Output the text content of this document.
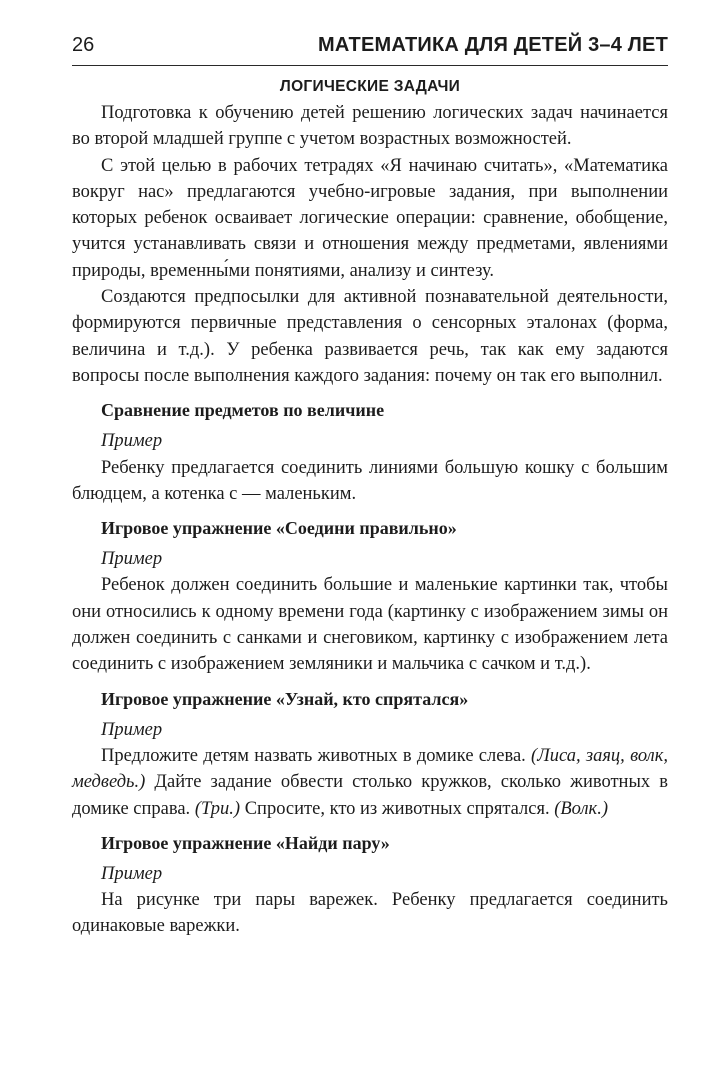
26	МАТЕМАТИКА ДЛЯ ДЕТЕЙ 3–4 ЛЕТ
ЛОГИЧЕСКИЕ ЗАДАЧИ

Подготовка к обучению детей решению логических задач начинается во второй младшей группе с учетом возрастных возможностей.

С этой целью в рабочих тетрадях «Я начинаю считать», «Математика вокруг нас» предлагаются учебно-игровые задания, при выполнении которых ребенок осваивает логические операции: сравнение, обобщение, учится устанавливать связи и отношения между предметами, явлениями природы, временны́ми понятиями, анализу и синтезу.

Создаются предпосылки для активной познавательной деятельности, формируются первичные представления о сенсорных эталонах (форма, величина и т.д.). У ребенка развивается речь, так как ему задаются вопросы после выполнения каждого задания: почему он так его выполнил.

Сравнение предметов по величине
Пример

Ребенку предлагается соединить линиями большую кошку с большим блюдцем, а котенка с — маленьким.

Игровое упражнение «Соедини правильно»
Пример

Ребенок должен соединить большие и маленькие картинки так, чтобы они относились к одному времени года (картинку с изображением зимы он должен соединить с санками и снеговиком, картинку с изображением лета соединить с изображением земляники и мальчика с сачком и т.д.).

Игровое упражнение «Узнай, кто спрятался»
Пример

Предложите детям назвать животных в домике слева. (Лиса, заяц, волк, медведь.) Дайте задание обвести столько кружков, сколько животных в домике справа. (Три.) Спросите, кто из животных спрятался. (Волк.)

Игровое упражнение «Найди пару»
Пример

На рисунке три пары варежек. Ребенку предлагается соединить одинаковые варежки.
